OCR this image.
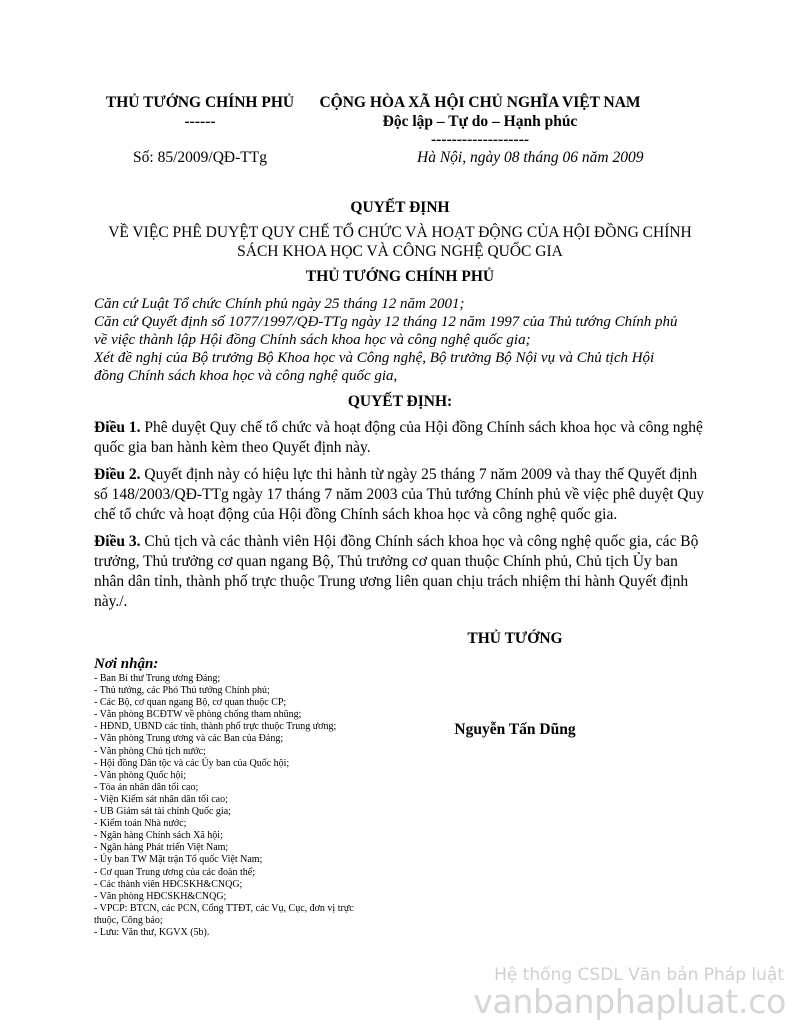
THỦ TƯỚNG CHÍNH PHỦ
------
Số: 85/2009/QĐ-TTg
CỘNG HÒA XÃ HỘI CHỦ NGHĨA VIỆT NAM
Độc lập – Tự do – Hạnh phúc
-------------------
Hà Nội, ngày 08 tháng 06 năm 2009
QUYẾT ĐỊNH
VỀ VIỆC PHÊ DUYỆT QUY CHẾ TỔ CHỨC VÀ HOẠT ĐỘNG CỦA HỘI ĐỒNG CHÍNH
SÁCH KHOA HỌC VÀ CÔNG NGHỆ QUỐC GIA
THỦ TƯỚNG CHÍNH PHỦ
Căn cứ Luật Tổ chức Chính phủ ngày 25 tháng 12 năm 2001;
Căn cứ Quyết định số 1077/1997/QĐ-TTg ngày 12 tháng 12 năm 1997 của Thủ tướng Chính phủ
về việc thành lập Hội đồng Chính sách khoa học và công nghệ quốc gia;
Xét đề nghị của Bộ trưởng Bộ Khoa học và Công nghệ, Bộ trưởng Bộ Nội vụ và Chủ tịch Hội
đồng Chính sách khoa học và công nghệ quốc gia,
QUYẾT ĐỊNH:

Điều 1. Phê duyệt Quy chế tổ chức và hoạt động của Hội đồng Chính sách khoa học và công nghệ quốc gia ban hành kèm theo Quyết định này.

Điều 2. Quyết định này có hiệu lực thi hành từ ngày 25 tháng 7 năm 2009 và thay thế Quyết định số 148/2003/QĐ-TTg ngày 17 tháng 7 năm 2003 của Thủ tướng Chính phủ về việc phê duyệt Quy chế tổ chức và hoạt động của Hội đồng Chính sách khoa học và công nghệ quốc gia.

Điều 3. Chủ tịch và các thành viên Hội đồng Chính sách khoa học và công nghệ quốc gia, các Bộ trưởng, Thủ trưởng cơ quan ngang Bộ, Thủ trưởng cơ quan thuộc Chính phủ, Chủ tịch Ủy ban nhân dân tỉnh, thành phố trực thuộc Trung ương liên quan chịu trách nhiệm thi hành Quyết định này./.

THỦ TƯỚNG
Nguyễn Tấn Dũng
Nơi nhận:
- Ban Bí thư Trung ương Đảng;
- Thủ tướng, các Phó Thủ tướng Chính phủ;
- Các Bộ, cơ quan ngang Bộ, cơ quan thuộc CP;
- Văn phòng BCĐTW về phòng chống tham nhũng;
- HĐND, UBND các tỉnh, thành phố trực thuộc Trung ương;
- Văn phòng Trung ương và các Ban của Đảng;
- Văn phòng Chủ tịch nước;
- Hội đồng Dân tộc và các Ủy ban của Quốc hội;
- Văn phòng Quốc hội;
- Tòa án nhân dân tối cao;
- Viện Kiểm sát nhân dân tối cao;
- UB Giám sát tài chính Quốc gia;
- Kiểm toán Nhà nước;
- Ngân hàng Chính sách Xã hội;
- Ngân hàng Phát triển Việt Nam;
- Ủy ban TW Mặt trận Tổ quốc Việt Nam;
- Cơ quan Trung ương của các đoàn thể;
- Các thành viên HĐCSKH&CNQG;
- Văn phòng HĐCSKH&CNQG;
- VPCP: BTCN, các PCN, Cổng TTĐT, các Vụ, Cục, đơn vị trực
thuộc, Công báo;
- Lưu: Văn thư, KGVX (5b).
Hệ thống CSDL Văn bản Pháp luật
vanbanphapluat.co
